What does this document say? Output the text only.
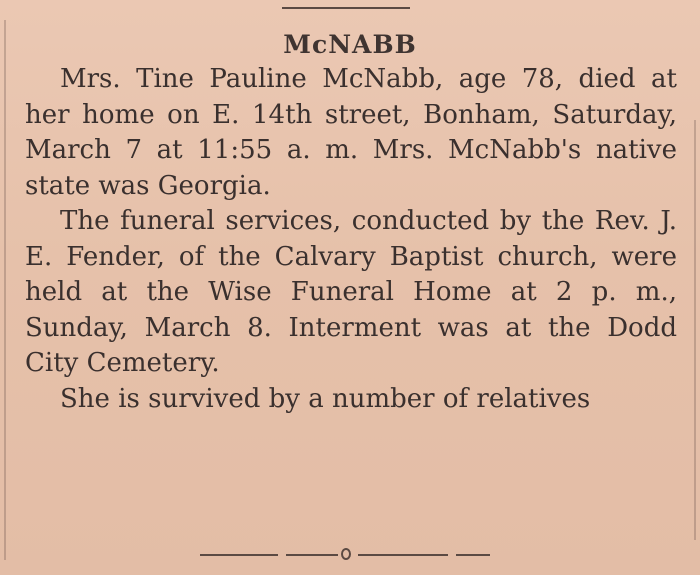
McNABB

Mrs. Tine Pauline McNabb, age 78, died at her home on E. 14th street, Bonham, Saturday, March 7 at 11:55 a. m. Mrs. McNabb's native state was Georgia.

The funeral services, conducted by the Rev. J. E. Fender, of the Calvary Baptist church, were held at the Wise Funeral Home at 2 p. m., Sunday, March 8. Interment was at the Dodd City Cemetery.

She is survived by a number of relatives
